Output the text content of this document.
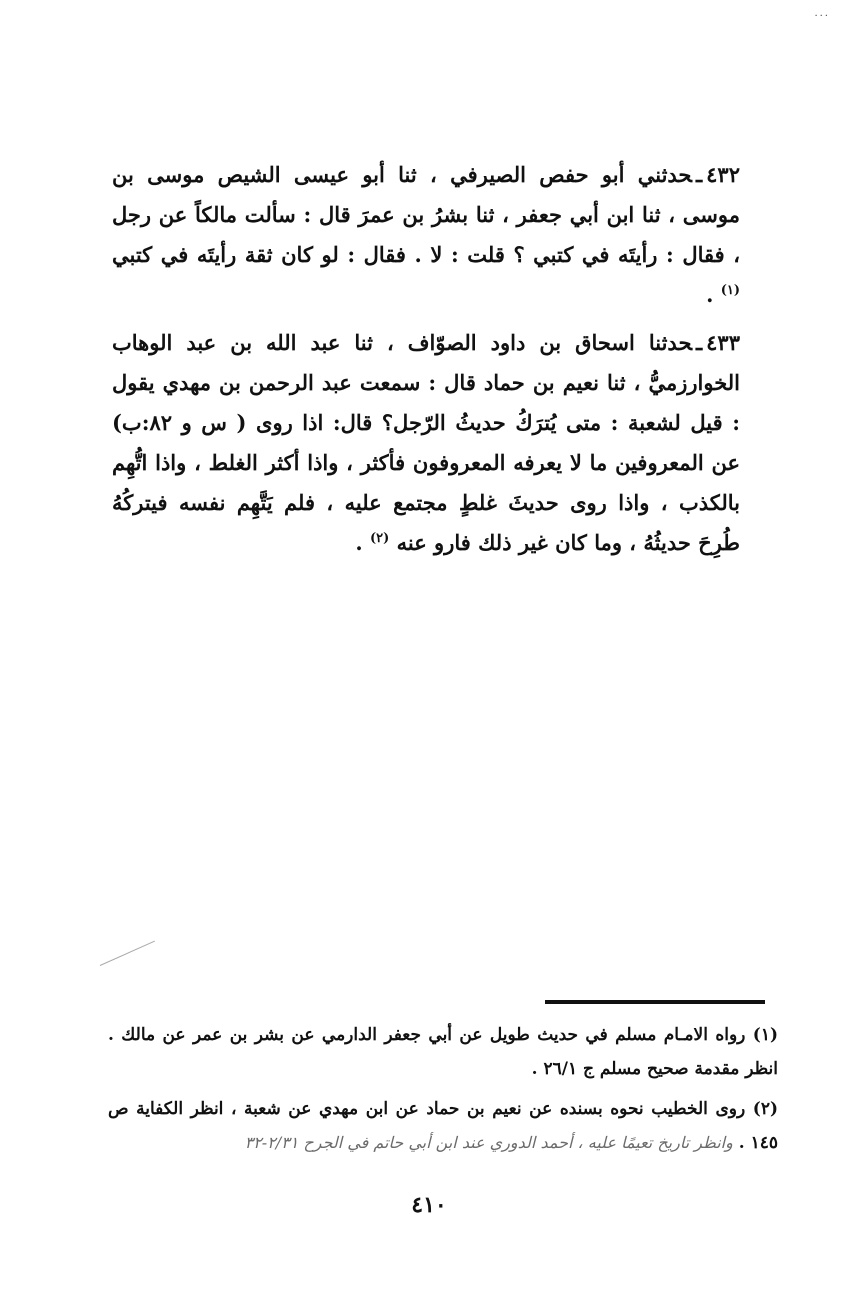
...

٤٣٢ـحدثني أبو حفص الصيرفي ، ثنا أبو عيسى الشيص موسى بن موسى ، ثنا ابن أبي جعفر ، ثنا بشرُ بن عمرَ قال : سألت مالكاً عن رجل ، فقال : رأيتَه في كتبي ؟ قلت : لا . فقال : لو كان ثقة رأيتَه في كتبي $^{(١)}$ .

٤٣٣ـحدثنا اسحاق بن داود الصوّاف ، ثنا عبد الله بن عبد الوهاب الخوارزميُّ ، ثنا نعيم بن حماد قال : سمعت عبد الرحمن بن مهدي يقول : قيل لشعبة : متى يُترَكُ حديثُ الرّجل؟ قال: اذا روى ( س و ٨٢:ب) عن المعروفين ما لا يعرفه المعروفون فأكثر ، واذا أكثر الغلط ، واذا اتُّهِم بالكذب ، واذا روى حديثَ غلطٍ مجتمع عليه ، فلم يَتَّهِم نفسه فيتركُهُ طُرِحَ حديثُهُ ، وما كان غير ذلك فارو عنه $^{(٢)}$ .

(١) رواه الامـام مسلم في حديث طويل عن أبي جعفر الدارمي عن بشر بن عمر عن مالك . انظر مقدمة صحيح مسلم ج ٢٦/١ .

(٢) روى الخطيب نحوه بسنده عن نعيم بن حماد عن ابن مهدي عن شعبة ، انظر الكفاية ص ١٤٥ . وانظر تاريخ تعيمًا عليه ، أحمد الدوري عند ابن أبي حاتم في الجرح ٢/٣١-٣٢

٤١٠
